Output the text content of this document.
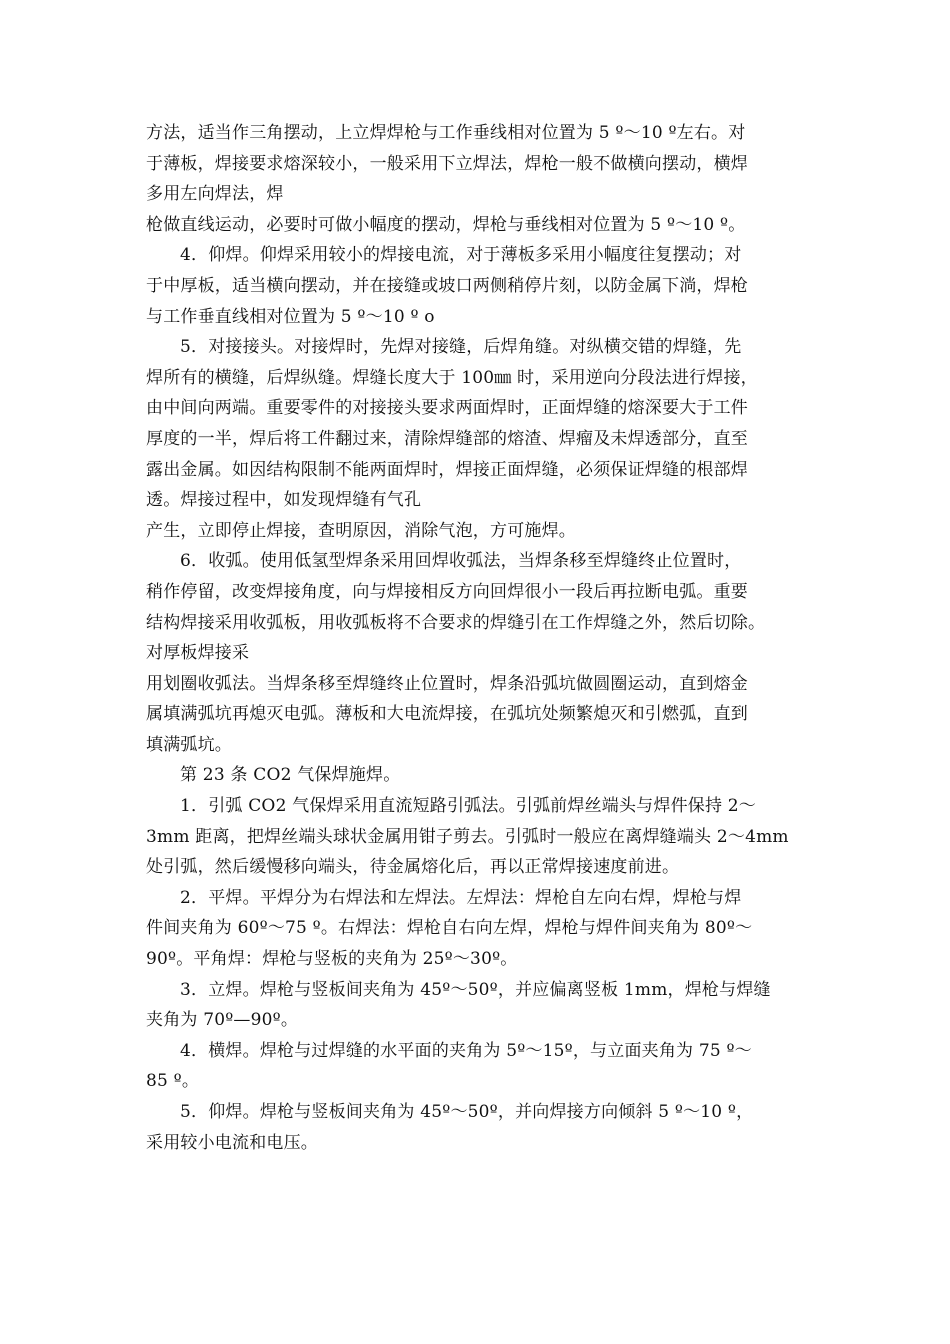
方法，适当作三角摆动，上立焊焊枪与工作垂线相对位置为 5 º～10 º左右。对
于薄板，焊接要求熔深较小，一般采用下立焊法，焊枪一般不做横向摆动，横焊
多用左向焊法，焊
枪做直线运动，必要时可做小幅度的摆动，焊枪与垂线相对位置为 5 º～10 º。
4．仰焊。仰焊采用较小的焊接电流，对于薄板多采用小幅度往复摆动；对
于中厚板，适当横向摆动，并在接缝或坡口两侧稍停片刻，以防金属下淌，焊枪
与工作垂直线相对位置为 5 º～10 º o
5．对接接头。对接焊时，先焊对接缝，后焊角缝。对纵横交错的焊缝，先
焊所有的横缝，后焊纵缝。焊缝长度大于 100㎜ 时，采用逆向分段法进行焊接，
由中间向两端。重要零件的对接接头要求两面焊时，正面焊缝的熔深要大于工件
厚度的一半，焊后将工件翻过来，清除焊缝部的熔渣、焊瘤及未焊透部分，直至
露出金属。如因结构限制不能两面焊时，焊接正面焊缝，必须保证焊缝的根部焊
透。焊接过程中，如发现焊缝有气孔
产生，立即停止焊接，查明原因，消除气泡，方可施焊。
6．收弧。使用低氢型焊条采用回焊收弧法，当焊条移至焊缝终止位置时，
稍作停留，改变焊接角度，向与焊接相反方向回焊很小一段后再拉断电弧。重要
结构焊接采用收弧板，用收弧板将不合要求的焊缝引在工作焊缝之外，然后切除。
对厚板焊接采
用划圈收弧法。当焊条移至焊缝终止位置时，焊条沿弧坑做圆圈运动，直到熔金
属填满弧坑再熄灭电弧。薄板和大电流焊接，在弧坑处频繁熄灭和引燃弧，直到
填满弧坑。
第 23 条 CO2 气保焊施焊。
1．引弧 CO2 气保焊采用直流短路引弧法。引弧前焊丝端头与焊件保持 2～
3mm 距离，把焊丝端头球状金属用钳子剪去。引弧时一般应在离焊缝端头 2～4mm
处引弧，然后缓慢移向端头，待金属熔化后，再以正常焊接速度前进。
2．平焊。平焊分为右焊法和左焊法。左焊法：焊枪自左向右焊，焊枪与焊
件间夹角为 60º～75 º。右焊法：焊枪自右向左焊，焊枪与焊件间夹角为 80º～
90º。平角焊：焊枪与竖板的夹角为 25º～30º。
3．立焊。焊枪与竖板间夹角为 45º～50º，并应偏离竖板 1mm，焊枪与焊缝
夹角为 70º—90º。
4．横焊。焊枪与过焊缝的水平面的夹角为 5º～15º，与立面夹角为 75 º～
85 º。
5．仰焊。焊枪与竖板间夹角为 45º～50º，并向焊接方向倾斜 5 º～10 º，
采用较小电流和电压。
